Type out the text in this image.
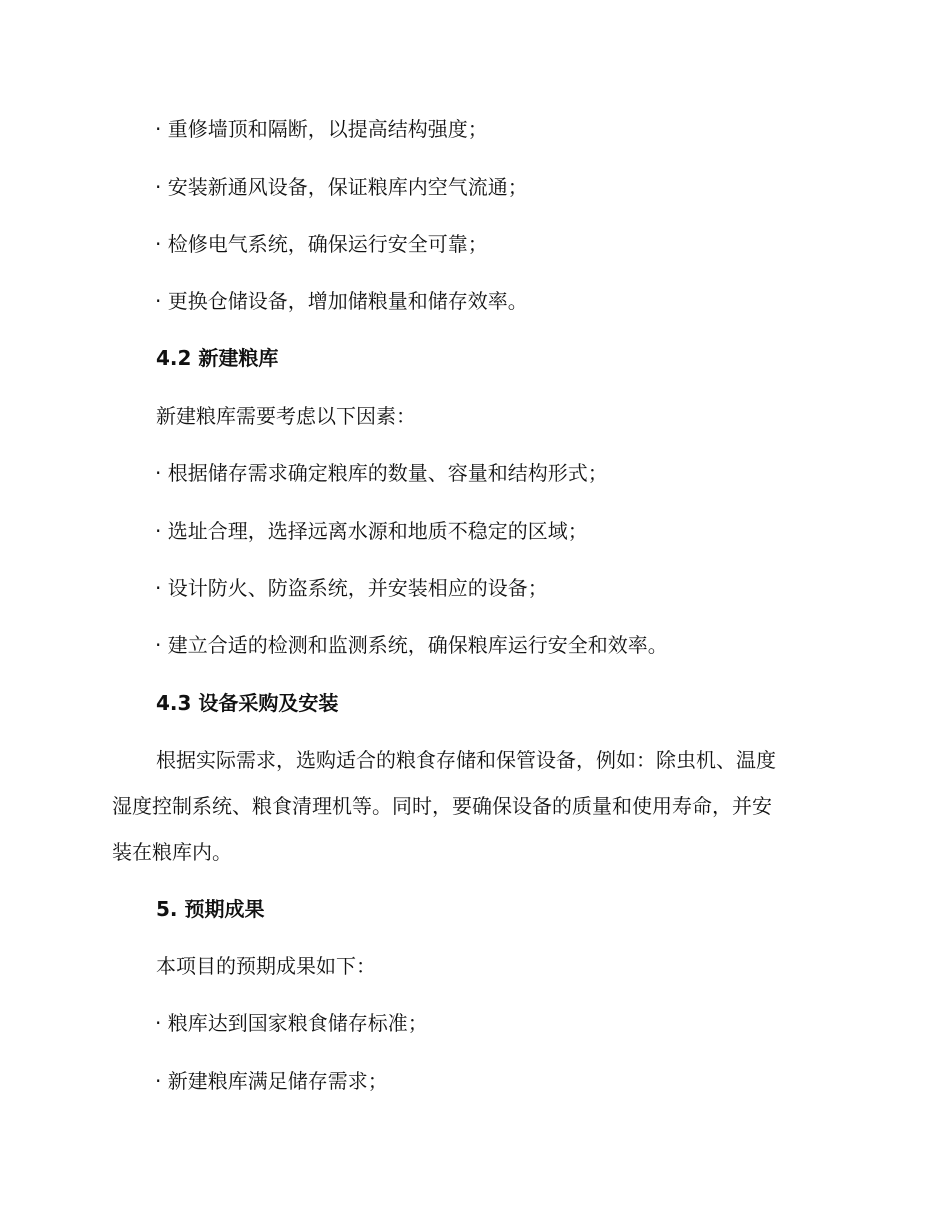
· 重修墙顶和隔断，以提高结构强度；
· 安装新通风设备，保证粮库内空气流通；
· 检修电气系统，确保运行安全可靠；
· 更换仓储设备，增加储粮量和储存效率。
4.2 新建粮库
新建粮库需要考虑以下因素：
· 根据储存需求确定粮库的数量、容量和结构形式；
· 选址合理，选择远离水源和地质不稳定的区域；
· 设计防火、防盗系统，并安装相应的设备；
· 建立合适的检测和监测系统，确保粮库运行安全和效率。
4.3 设备采购及安装
根据实际需求，选购适合的粮食存储和保管设备，例如：除虫机、温度
湿度控制系统、粮食清理机等。同时，要确保设备的质量和使用寿命，并安
装在粮库内。
5. 预期成果
本项目的预期成果如下：
· 粮库达到国家粮食储存标准；
· 新建粮库满足储存需求；
